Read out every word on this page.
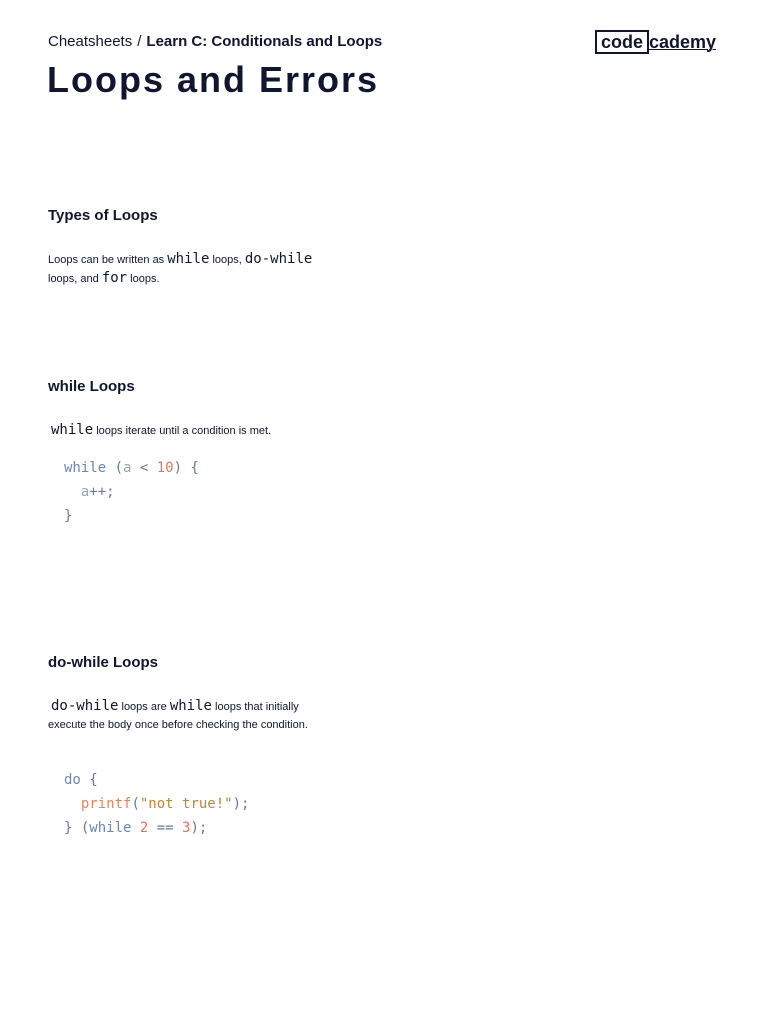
Cheatsheets / Learn C: Conditionals and Loops	code cademy
Loops and Errors
Types of Loops

Loops can be written as while loops, do-while loops, and for loops.

while Loops

while loops iterate until a condition is met.

while (a < 10) {
a++;
}
do-while Loops

do-while loops are while loops that initially execute the body once before checking the condition.

do {
printf("not true!");
} (while 2 == 3);
